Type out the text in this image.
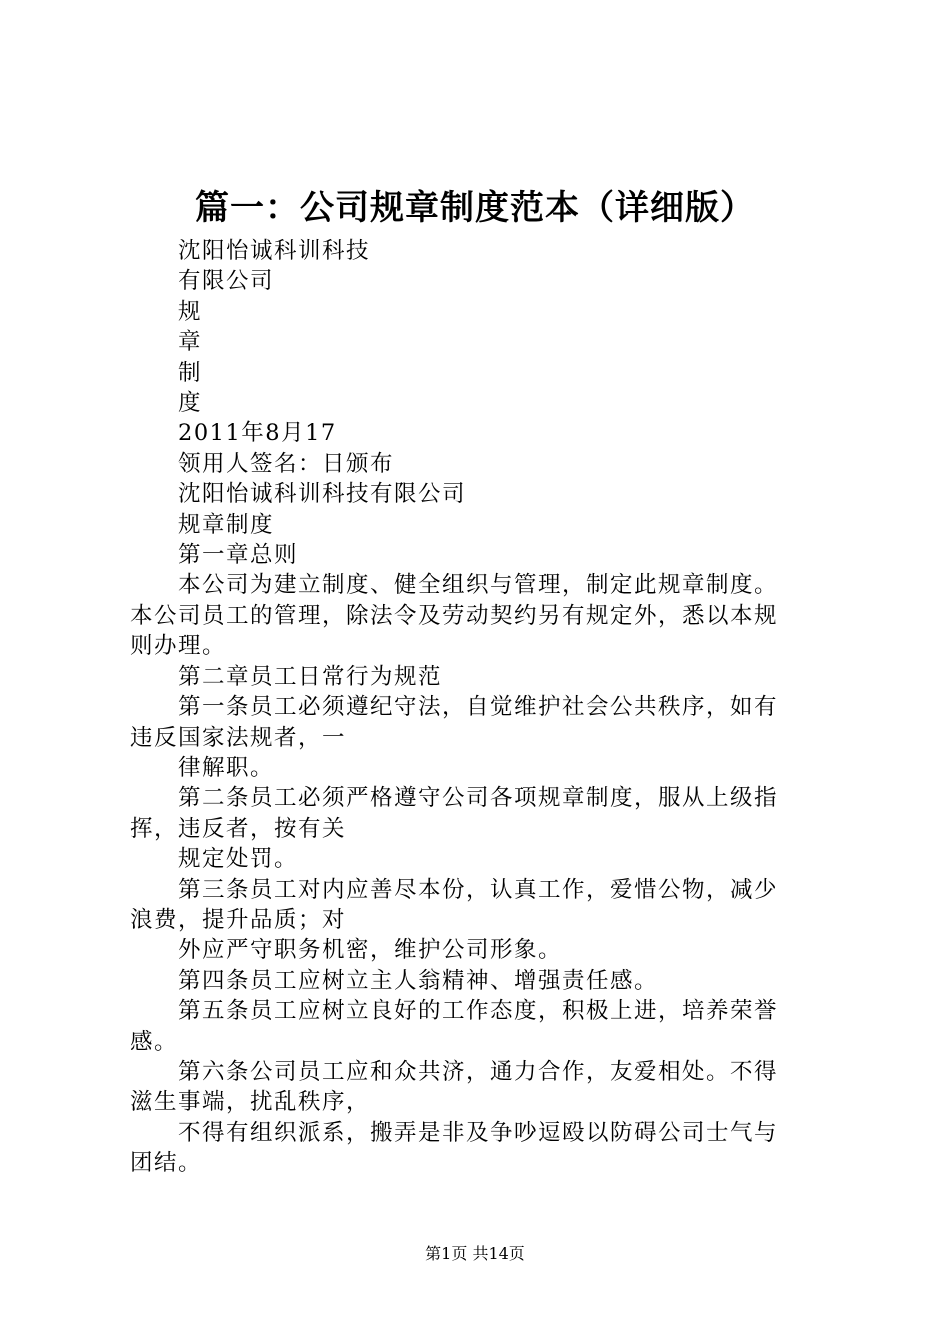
篇一：公司规章制度范本（详细版）

沈阳怡诚科训科技

有限公司

规

章

制

度

2011年8月17

领用人签名：日颁布

沈阳怡诚科训科技有限公司

规章制度

第一章总则

本公司为建立制度、健全组织与管理，制定此规章制度。

本公司员工的管理，除法令及劳动契约另有规定外，悉以本规

则办理。

第二章员工日常行为规范

第一条员工必须遵纪守法，自觉维护社会公共秩序，如有

违反国家法规者，一

律解职。

第二条员工必须严格遵守公司各项规章制度，服从上级指

挥，违反者，按有关

规定处罚。

第三条员工对内应善尽本份，认真工作，爱惜公物，减少

浪费，提升品质；对

外应严守职务机密，维护公司形象。

第四条员工应树立主人翁精神、增强责任感。

第五条员工应树立良好的工作态度，积极上进，培养荣誉

感。

第六条公司员工应和众共济，通力合作，友爱相处。不得

滋生事端，扰乱秩序，

不得有组织派系，搬弄是非及争吵逗殴以防碍公司士气与

团结。

第1页 共14页
